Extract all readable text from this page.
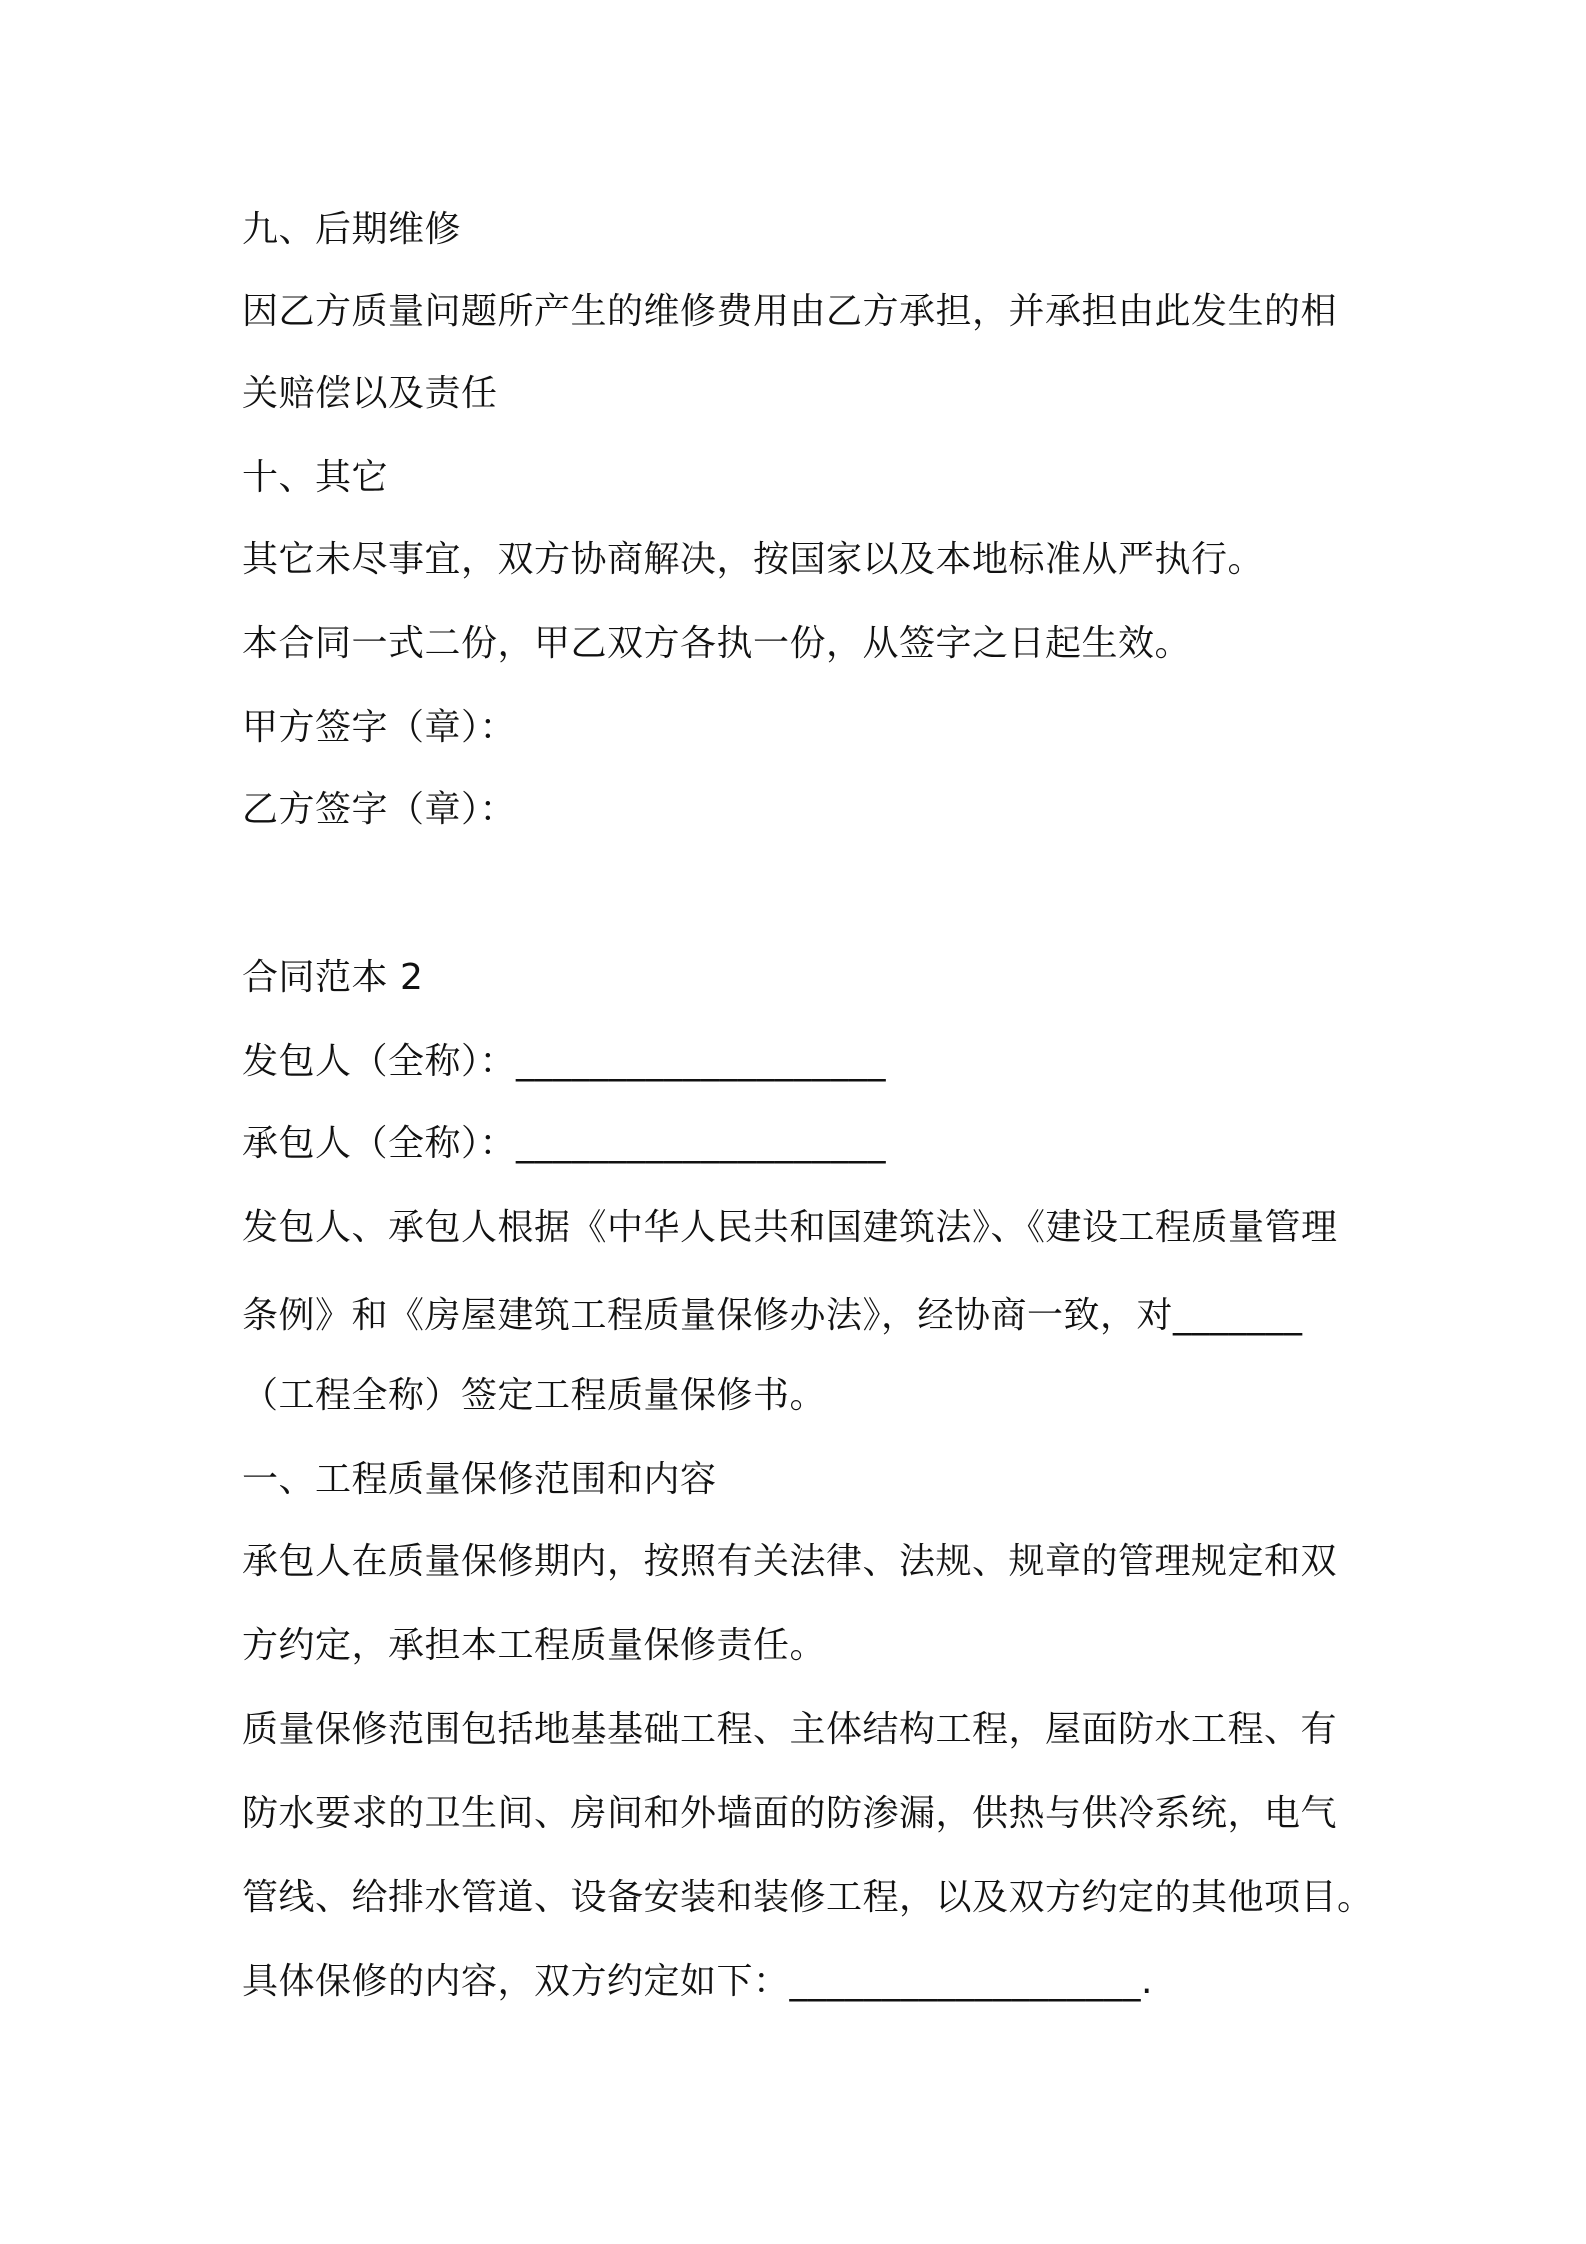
九、后期维修
因乙方质量问题所产生的维修费用由乙方承担，并承担由此发生的相
关赔偿以及责任
十、其它
其它未尽事宜，双方协商解决，按国家以及本地标准从严执行。
本合同一式二份，甲乙双方各执一份，从签字之日起生效。
甲方签字（章）：
乙方签字（章）：
合同范本 2
发包人（全称）：____________________
承包人（全称）：____________________
发包人、承包人根据《中华人民共和国建筑法》、《建设工程质量管理
条例》和《房屋建筑工程质量保修办法》，经协商一致，对_______
（工程全称）签定工程质量保修书。
一、工程质量保修范围和内容
承包人在质量保修期内，按照有关法律、法规、规章的管理规定和双
方约定，承担本工程质量保修责任。
质量保修范围包括地基基础工程、主体结构工程，屋面防水工程、有
防水要求的卫生间、房间和外墙面的防渗漏，供热与供冷系统，电气
管线、给排水管道、设备安装和装修工程，以及双方约定的其他项目。
具体保修的内容，双方约定如下：___________________.
